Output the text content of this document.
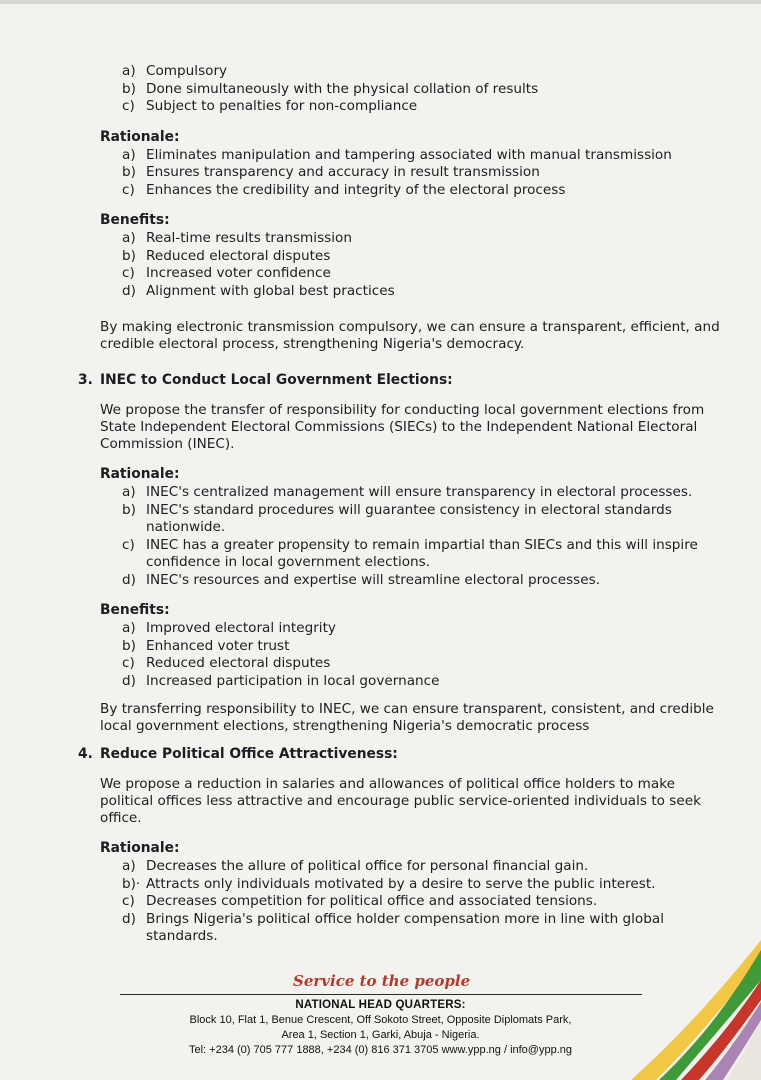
a) Compulsory
b) Done simultaneously with the physical collation of results
c) Subject to penalties for non-compliance
Rationale:
a) Eliminates manipulation and tampering associated with manual transmission
b) Ensures transparency and accuracy in result transmission
c) Enhances the credibility and integrity of the electoral process
Benefits:
a) Real-time results transmission
b) Reduced electoral disputes
c) Increased voter confidence
d) Alignment with global best practices
By making electronic transmission compulsory, we can ensure a transparent, efficient, and credible electoral process, strengthening Nigeria's democracy.
3. INEC to Conduct Local Government Elections:
We propose the transfer of responsibility for conducting local government elections from State Independent Electoral Commissions (SIECs) to the Independent National Electoral Commission (INEC).
Rationale:
a) INEC's centralized management will ensure transparency in electoral processes.
b) INEC's standard procedures will guarantee consistency in electoral standards nationwide.
c) INEC has a greater propensity to remain impartial than SIECs and this will inspire confidence in local government elections.
d) INEC's resources and expertise will streamline electoral processes.
Benefits:
a) Improved electoral integrity
b) Enhanced voter trust
c) Reduced electoral disputes
d) Increased participation in local governance
By transferring responsibility to INEC, we can ensure transparent, consistent, and credible local government elections, strengthening Nigeria's democratic process
4. Reduce Political Office Attractiveness:
We propose a reduction in salaries and allowances of political office holders to make political offices less attractive and encourage public service-oriented individuals to seek office.
Rationale:
a) Decreases the allure of political office for personal financial gain.
b)· Attracts only individuals motivated by a desire to serve the public interest.
c) Decreases competition for political office and associated tensions.
d) Brings Nigeria's political office holder compensation more in line with global standards.
Service to the people
NATIONAL HEAD QUARTERS:
Block 10, Flat 1, Benue Crescent, Off Sokoto Street, Opposite Diplomats Park,
Area 1, Section 1, Garki, Abuja - Nigeria.
Tel: +234 (0) 705 777 1888, +234 (0) 816 371 3705 www.ypp.ng / info@ypp.ng
